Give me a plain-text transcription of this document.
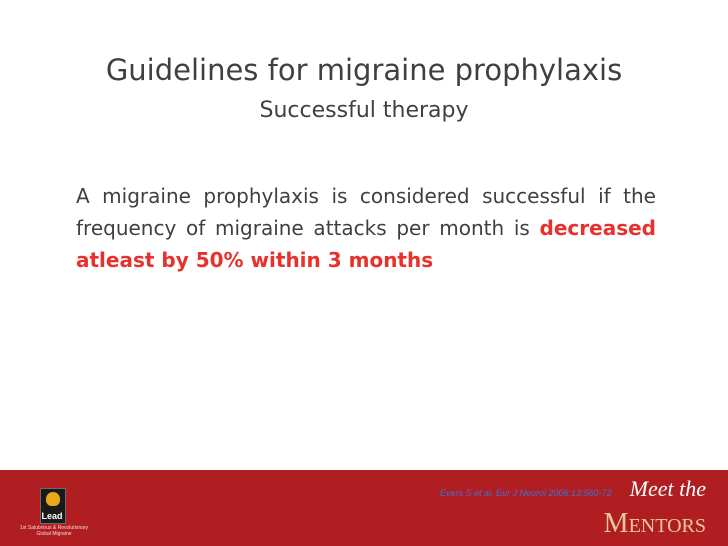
Guidelines for migraine prophylaxis
Successful therapy
A migraine prophylaxis is considered successful if the frequency of migraine attacks per month is decreased atleast by 50% within 3 months
Lead
1st Salubrious & Revolutionary Global Migraine
Evers S et al. Eur J Neurol 2006;13:560-72 Meet the
MENTORS
